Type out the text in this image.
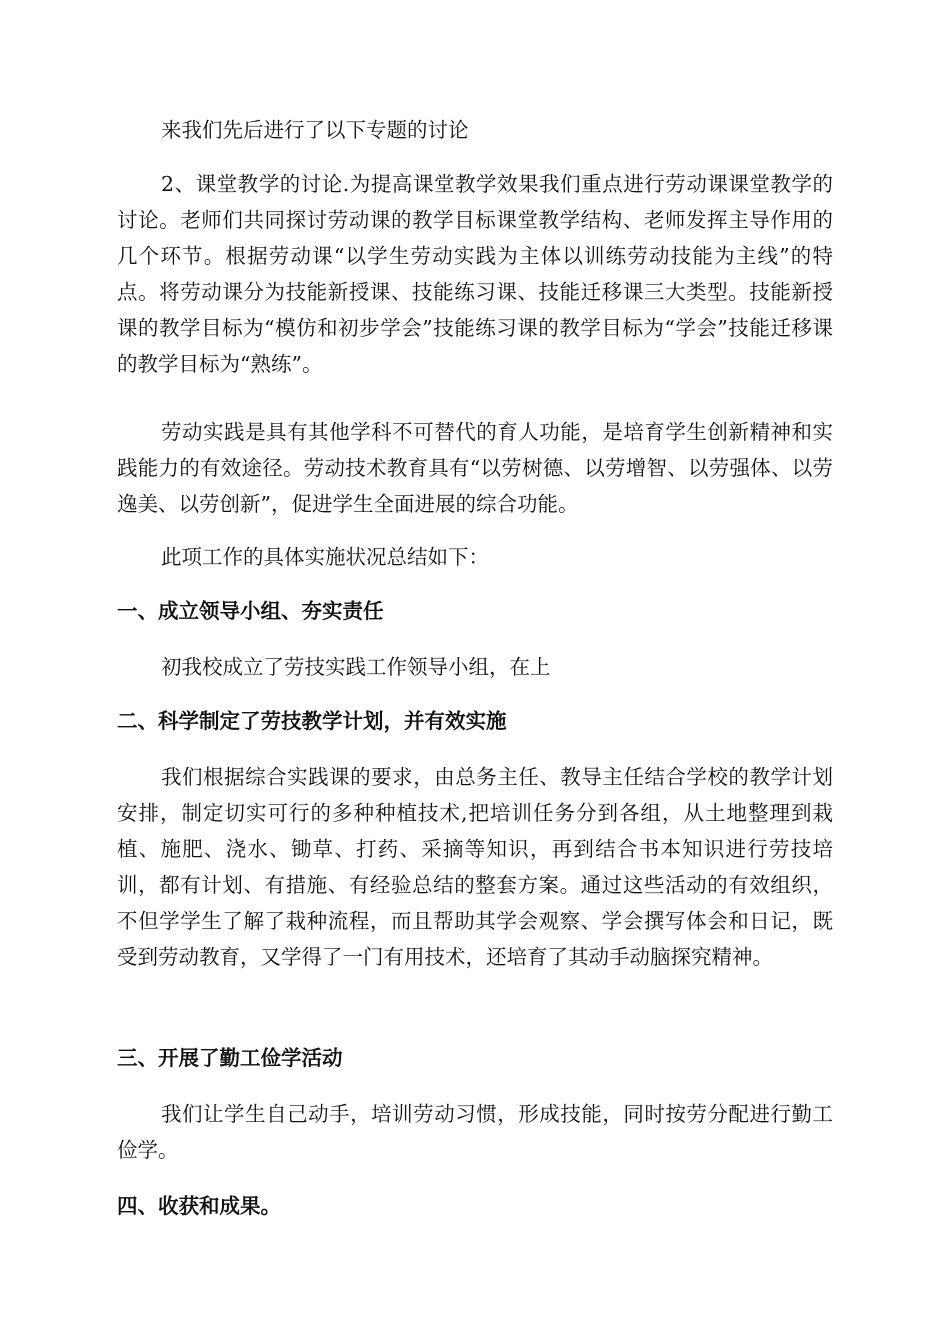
来我们先后进行了以下专题的讨论

2、课堂教学的讨论.为提高课堂教学效果我们重点进行劳动课课堂教学的讨论。老师们共同探讨劳动课的教学目标课堂教学结构、老师发挥主导作用的几个环节。根据劳动课“以学生劳动实践为主体以训练劳动技能为主线”的特点。将劳动课分为技能新授课、技能练习课、技能迁移课三大类型。技能新授课的教学目标为“模仿和初步学会”技能练习课的教学目标为“学会”技能迁移课的教学目标为“熟练”。

劳动实践是具有其他学科不可替代的育人功能，是培育学生创新精神和实践能力的有效途径。劳动技术教育具有“以劳树德、以劳增智、以劳强体、以劳逸美、以劳创新”，促进学生全面进展的综合功能。

此项工作的具体实施状况总结如下：

一、成立领导小组、夯实责任

初我校成立了劳技实践工作领导小组，在上

二、科学制定了劳技教学计划，并有效实施

我们根据综合实践课的要求，由总务主任、教导主任结合学校的教学计划安排，制定切实可行的多种种植技术,把培训任务分到各组，从土地整理到栽植、施肥、浇水、锄草、打药、采摘等知识，再到结合书本知识进行劳技培训，都有计划、有措施、有经验总结的整套方案。通过这些活动的有效组织，不但学学生了解了栽种流程，而且帮助其学会观察、学会撰写体会和日记，既受到劳动教育，又学得了一门有用技术，还培育了其动手动脑探究精神。

三、开展了勤工俭学活动

我们让学生自己动手，培训劳动习惯，形成技能，同时按劳分配进行勤工俭学。

四、收获和成果。
